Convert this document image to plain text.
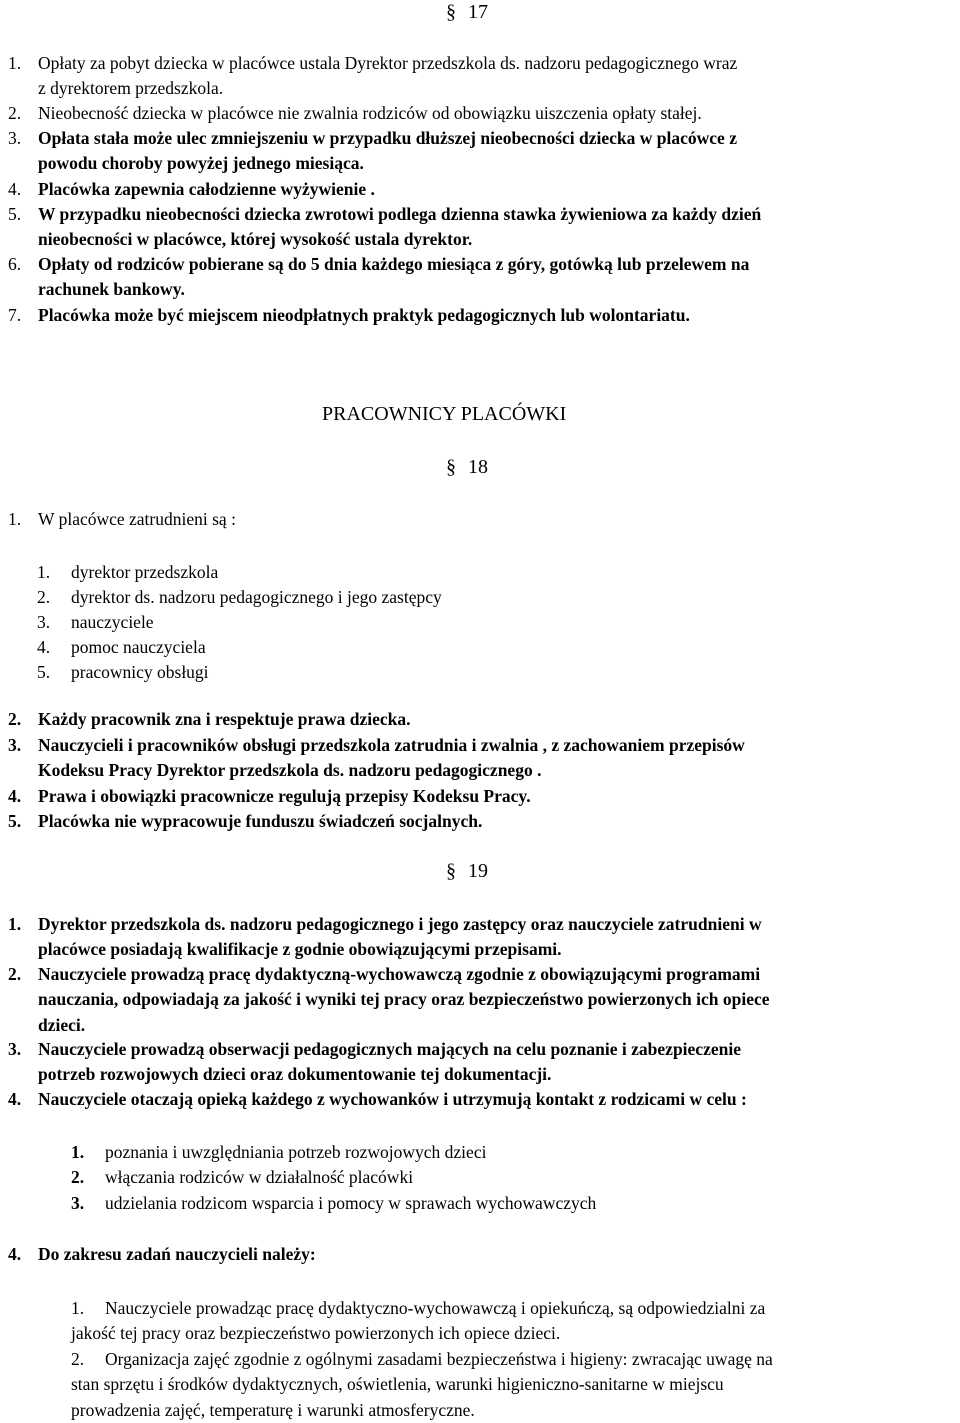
§ 17
1. Opłaty za pobyt dziecka w placówce ustala Dyrektor przedszkola ds. nadzoru pedagogicznego wraz
z dyrektorem przedszkola.
2. Nieobecność dziecka w placówce nie zwalnia rodziców od obowiązku uiszczenia opłaty stałej.
3. Opłata stała może ulec zmniejszeniu w przypadku dłuższej nieobecności dziecka w placówce z
powodu choroby powyżej jednego miesiąca.
4. Placówka zapewnia całodzienne wyżywienie .
5. W przypadku nieobecności dziecka zwrotowi podlega dzienna stawka żywieniowa za każdy dzień
nieobecności w placówce, której wysokość ustala dyrektor.
6. Opłaty od rodziców pobierane są do 5 dnia każdego miesiąca z góry, gotówką lub przelewem na
rachunek bankowy.
7. Placówka może być miejscem nieodpłatnych praktyk pedagogicznych lub wolontariatu.
PRACOWNICY PLACÓWKI
§ 18
1. W placówce zatrudnieni są :
1.	dyrektor przedszkola
2.	dyrektor ds. nadzoru pedagogicznego i jego zastępcy
3.	nauczyciele
4.	pomoc nauczyciela
5.	pracownicy obsługi
2. Każdy pracownik zna i respektuje prawa dziecka.
3. Nauczycieli i pracowników obsługi przedszkola zatrudnia i zwalnia , z zachowaniem przepisów
Kodeksu Pracy Dyrektor przedszkola ds. nadzoru pedagogicznego .
4. Prawa i obowiązki pracownicze regulują przepisy Kodeksu Pracy.
5. Placówka nie wypracowuje funduszu świadczeń socjalnych.
§ 19
1. Dyrektor przedszkola ds. nadzoru pedagogicznego i jego zastępcy oraz nauczyciele zatrudnieni w
placówce posiadają kwalifikacje z godnie obowiązującymi przepisami.
2. Nauczyciele prowadzą pracę dydaktyczną-wychowawczą zgodnie z obowiązującymi programami
nauczania, odpowiadają za jakość i wyniki tej pracy oraz bezpieczeństwo powierzonych ich opiece
dzieci.
3. Nauczyciele prowadzą obserwacji pedagogicznych mających na celu poznanie i zabezpieczenie
potrzeb rozwojowych dzieci oraz dokumentowanie tej dokumentacji.
4. Nauczyciele otaczają opieką każdego z wychowanków i utrzymują kontakt z rodzicami w celu :
1.	poznania i uwzględniania potrzeb rozwojowych dzieci
2.	włączania rodziców w działalność placówki
3.	udzielania rodzicom wsparcia i pomocy w sprawach wychowawczych
4. Do zakresu zadań nauczycieli należy:
1.	Nauczyciele prowadząc pracę dydaktyczno-wychowawczą i opiekuńczą, są odpowiedzialni za
jakość tej pracy oraz bezpieczeństwo powierzonych ich opiece dzieci.
2.	Organizacja zajęć zgodnie z ogólnymi zasadami bezpieczeństwa i higieny: zwracając uwagę na
stan sprzętu i środków dydaktycznych, oświetlenia, warunki higieniczno-sanitarne w miejscu
prowadzenia zajęć, temperaturę i warunki atmosferyczne.
